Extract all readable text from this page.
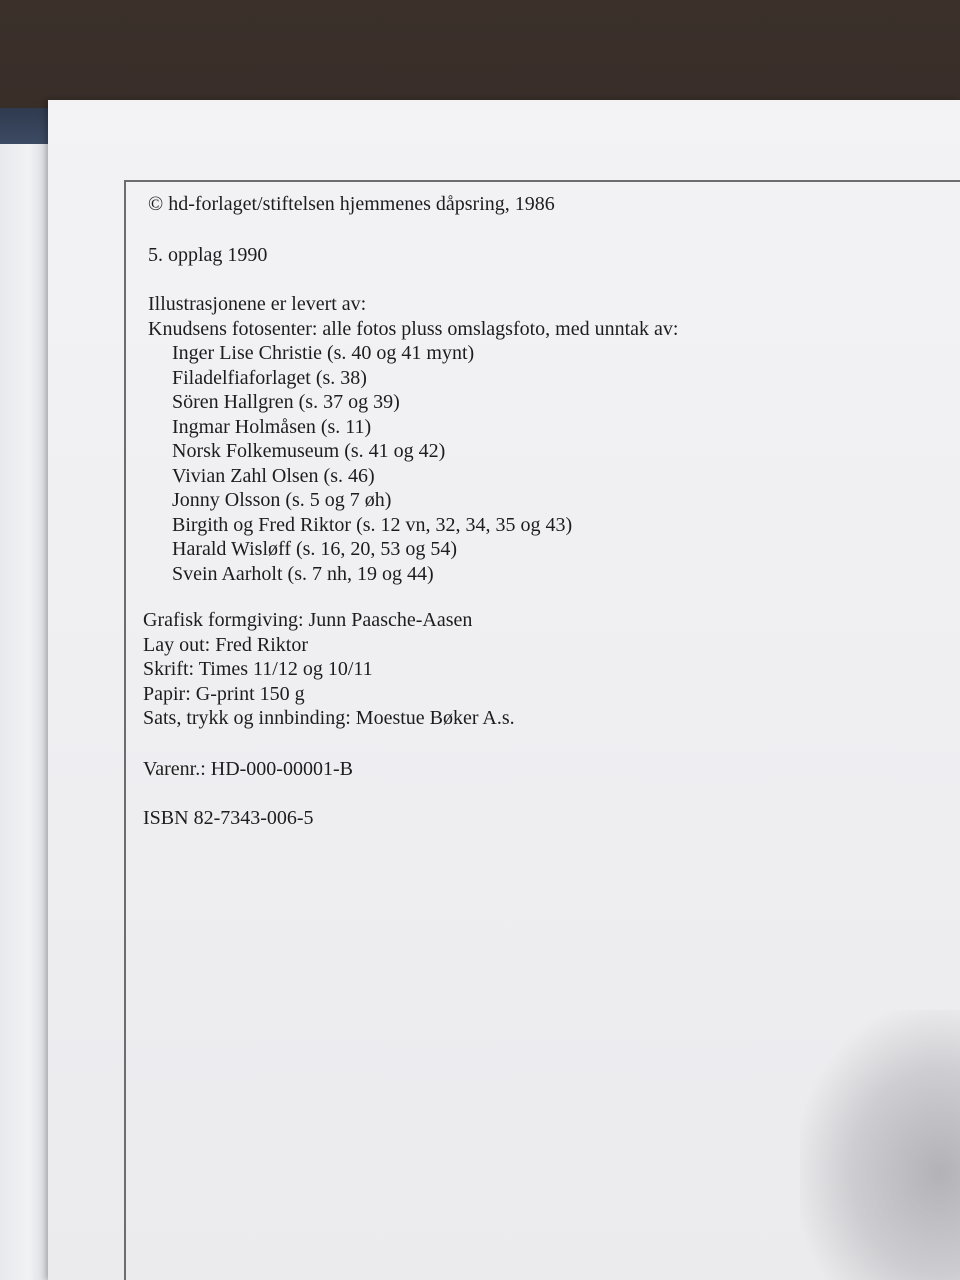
© hd-forlaget/stiftelsen hjemmenes dåpsring, 1986
5. opplag 1990
Illustrasjonene er levert av:
Knudsens fotosenter: alle fotos pluss omslagsfoto, med unntak av:
Inger Lise Christie (s. 40 og 41 mynt)
Filadelfiaforlaget (s. 38)
Sören Hallgren (s. 37 og 39)
Ingmar Holmåsen (s. 11)
Norsk Folkemuseum (s. 41 og 42)
Vivian Zahl Olsen (s. 46)
Jonny Olsson (s. 5 og 7 øh)
Birgith og Fred Riktor (s. 12 vn, 32, 34, 35 og 43)
Harald Wisløff (s. 16, 20, 53 og 54)
Svein Aarholt (s. 7 nh, 19 og 44)
Grafisk formgiving: Junn Paasche-Aasen
Lay out: Fred Riktor
Skrift: Times 11/12 og 10/11
Papir: G-print 150 g
Sats, trykk og innbinding: Moestue Bøker A.s.
Varenr.: HD-000-00001-B
ISBN 82-7343-006-5
